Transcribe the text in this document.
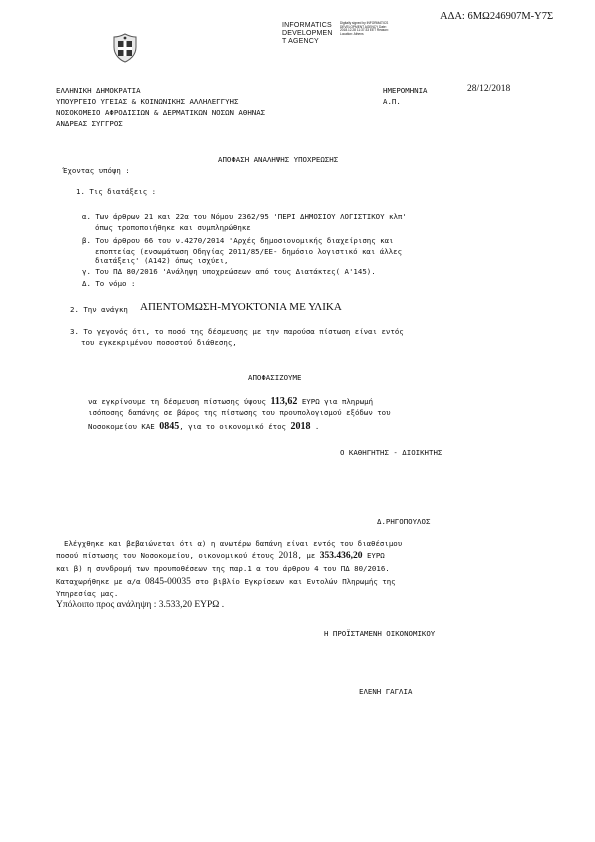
ΑΔΑ: 6ΜΩ246907Μ-Υ7Σ
INFORMATICS
DEVELOPMEN
T AGENCY
Digitally signed by INFORMATICS DEVELOPMENT AGENCY Date: 2018.12.28 11:37:33 EET Reason: Location: Athens
ΕΛΛΗΝΙΚΗ ΔΗΜΟΚΡΑΤΙΑ
ΥΠΟΥΡΓΕΙΟ ΥΓΕΙΑΣ & ΚΟΙΝΩΝΙΚΗΣ ΑΛΛΗΛΕΓΓΥΗΣ
ΝΟΣΟΚΟΜΕΙΟ ΑΦΡΟΔΙΣΙΩΝ & ΔΕΡΜΑΤΙΚΩΝ ΝΟΣΩΝ ΑΘΗΝΑΣ
ΑΝΔΡΕΑΣ ΣΥΓΓΡΟΣ
ΗΜΕΡΟΜΗΝΙΑ	28/12/2018
Α.Π.
ΑΠΟΦΑΣΗ ΑΝΑΛΗΨΗΣ ΥΠΟΧΡΕΩΣΗΣ
Έχοντας υπόψη :
1. Τις διατάξεις :
α. Των άρθρων 21 και 22α του Νόμου 2362/95 'ΠΕΡΙ ΔΗΜΟΣΙΟΥ ΛΟΓΙΣΤΙΚΟΥ κλπ'
όπως τροποποιήθηκε και συμπληρώθηκε
β. Του άρθρου 66 του ν.4270/2014 'Αρχές δημοσιονομικής διαχείρισης και
εποπτείας (ενσωμάτωση Οδηγίας 2011/85/ΕΕ- δημόσιο λογιστικό και άλλες
διατάξεις' (Α142) όπως ισχύει,
γ. Του ΠΔ 80/2016 'Ανάληψη υποχρεώσεων από τους Διατάκτες( Α'145).
Δ. Το νόμο :
2. Την ανάγκη ΑΠΕΝΤΟΜΩΣΗ-ΜΥΟΚΤΟΝΙΑ ΜΕ ΥΛΙΚΑ
3. Το γεγονός ότι, το ποσό της δέσμευσης με την παρούσα πίστωση είναι εντός
του εγκεκριμένου ποσοστού διάθεσης,
ΑΠΟΦΑΣΙΖΟΥΜΕ
να εγκρίνουμε τη δέσμευση πίστωσης ύψους 113,62 ΕΥΡΩ για πληρωμή
ισόποσης δαπάνης σε βάρος της πίστωσης του προυπολογισμού εξόδων του
Νοσοκομείου ΚΑΕ 0845, για το οικονομικό έτος 2018 .
Ο ΚΑΘΗΓΗΤΗΣ - ΔΙΟΙΚΗΤΗΣ
Δ.ΡΗΓΟΠΟΥΛΟΣ
Ελέγχθηκε και βεβαιώνεται ότι α) η ανωτέρω δαπάνη είναι εντός του διαθέσιμου
ποσού πίστωσης του Νοσοκομείου, οικονομικού έτους 2018, με 353.436,20 ΕΥΡΩ
και β) η συνδρομή των προυποθέσεων της παρ.1 α του άρθρου 4 του ΠΔ 80/2016.
Καταχωρήθηκε με α/α 0845-00035 στο βιβλίο Εγκρίσεων και Εντολών Πληρωμής της
Υπηρεσίας μας.
Υπόλοιπο προς ανάληψη : 3.533,20 ΕΥΡΩ .
Η ΠΡΟΪΣΤΑΜΕΝΗ ΟΙΚΟΝΟΜΙΚΟΥ
ΕΛΕΝΗ ΓΑΓΛΙΑ
